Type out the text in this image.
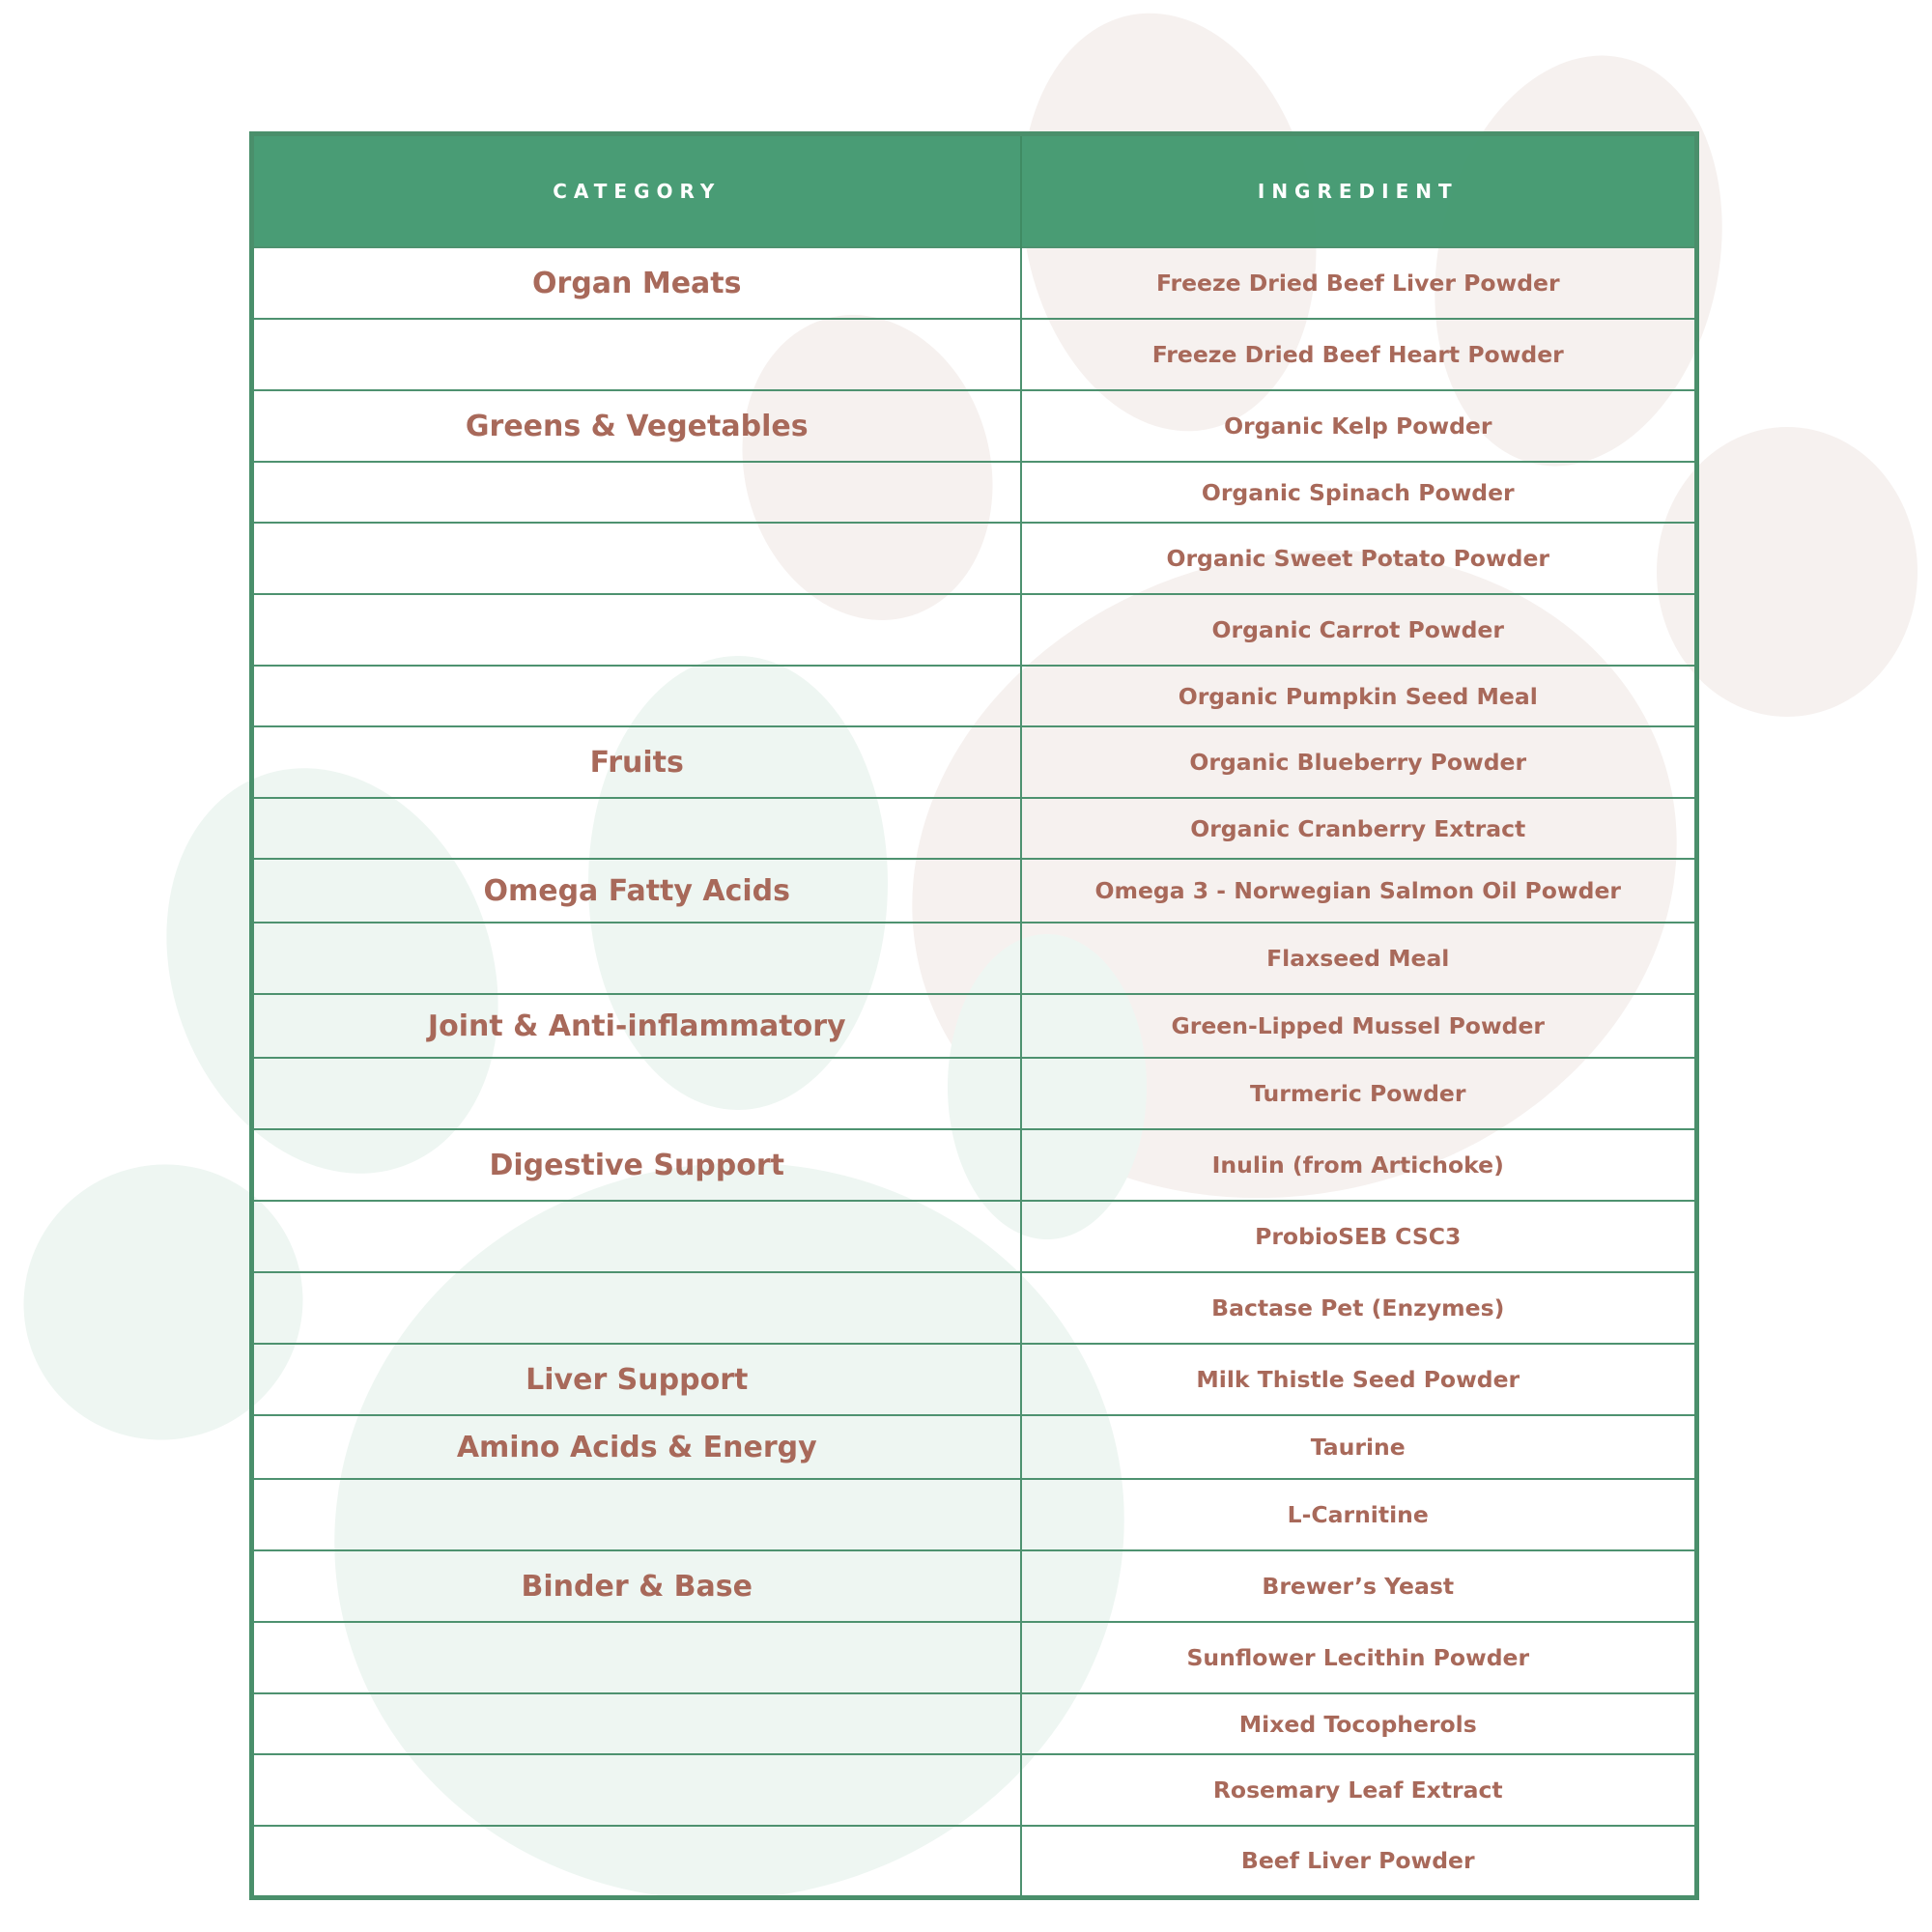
CATEGORY	INGREDIENT
Organ Meats	Freeze Dried Beef Liver Powder
	Freeze Dried Beef Heart Powder
Greens & Vegetables	Organic Kelp Powder
	Organic Spinach Powder
	Organic Sweet Potato Powder
	Organic Carrot Powder
	Organic Pumpkin Seed Meal
Fruits	Organic Blueberry Powder
	Organic Cranberry Extract
Omega Fatty Acids	Omega 3 - Norwegian Salmon Oil Powder
	Flaxseed Meal
Joint & Anti-inflammatory	Green-Lipped Mussel Powder
	Turmeric Powder
Digestive Support	Inulin (from Artichoke)
	ProbioSEB CSC3
	Bactase Pet (Enzymes)
Liver Support	Milk Thistle Seed Powder
Amino Acids & Energy	Taurine
	L-Carnitine
Binder & Base	Brewer’s Yeast
	Sunflower Lecithin Powder
	Mixed Tocopherols
	Rosemary Leaf Extract
	Beef Liver Powder
